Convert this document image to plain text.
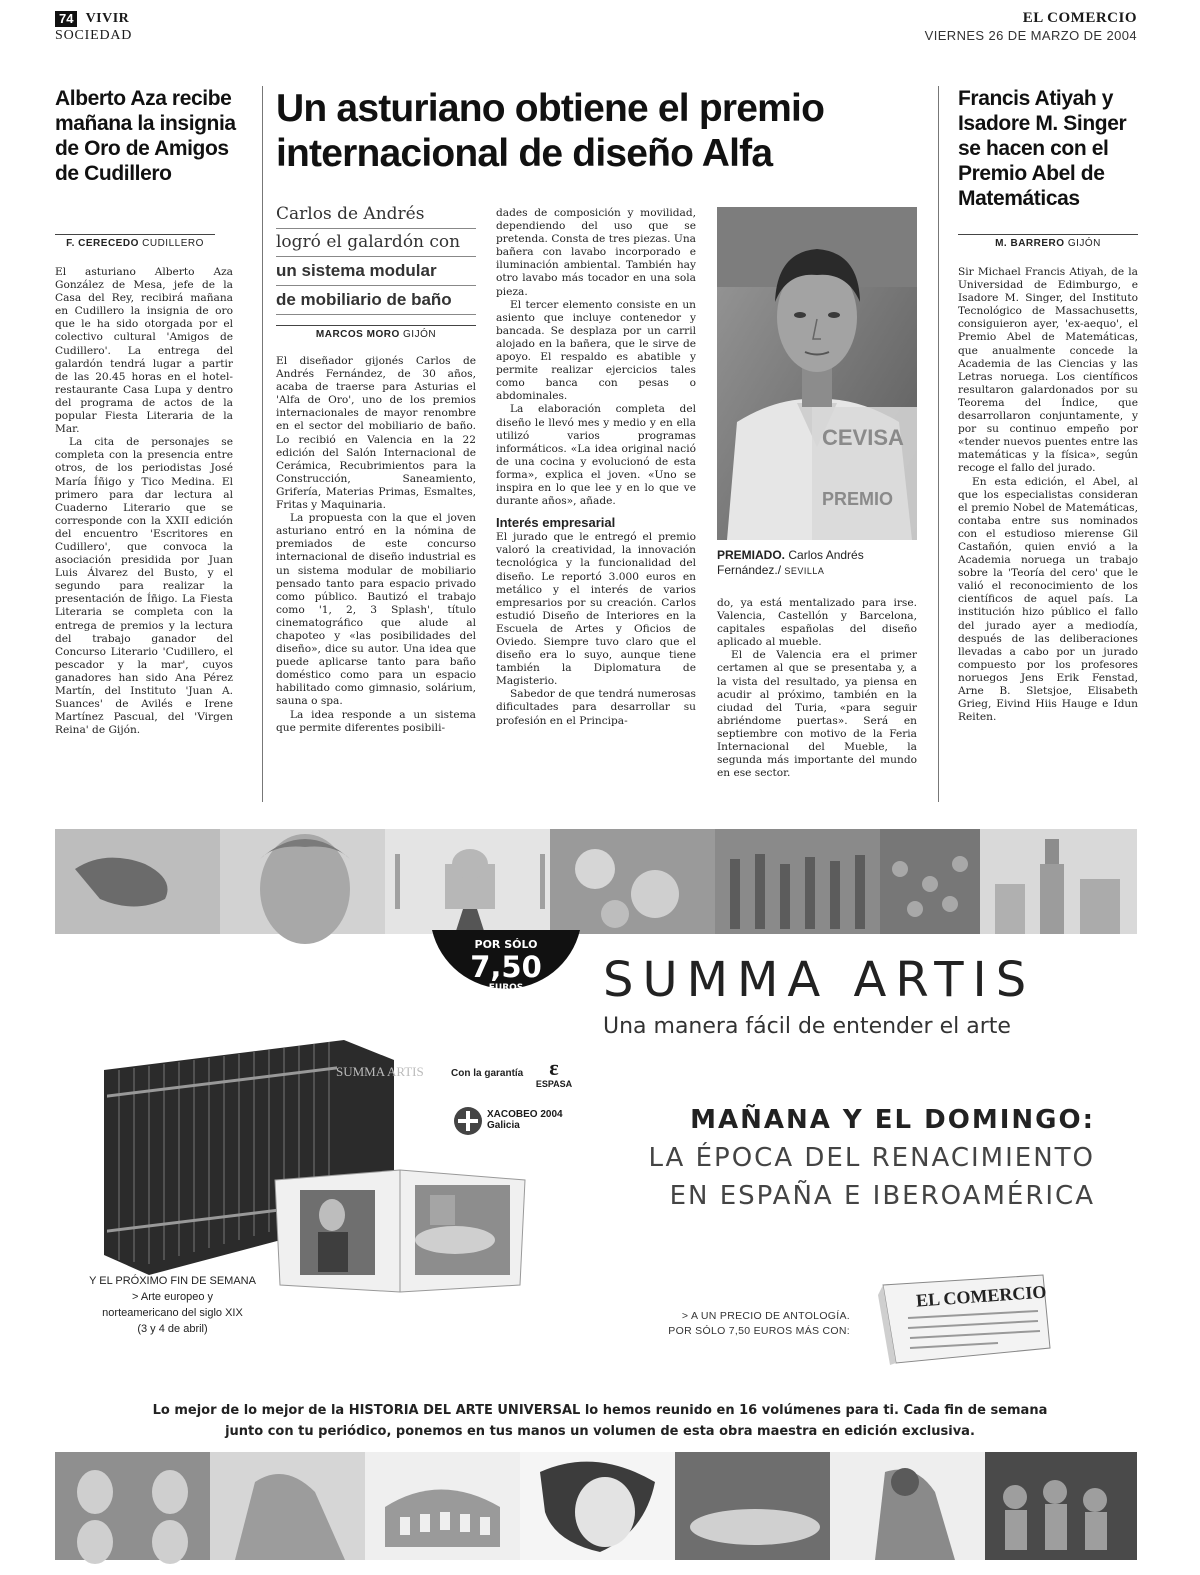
74 VIVIR
SOCIEDAD
EL COMERCIO
VIERNES 26 DE MARZO DE 2004
Alberto Aza recibe mañana la insignia de Oro de Amigos de Cudillero
F. CERECEDO CUDILLERO

El asturiano Alberto Aza González de Mesa, jefe de la Casa del Rey, recibirá mañana en Cudillero la insignia de oro que le ha sido otorgada por el colectivo cultural 'Amigos de Cudillero'. La entrega del galardón tendrá lugar a partir de las 20.45 horas en el hotel-restaurante Casa Lupa y dentro del programa de actos de la popular Fiesta Literaria de la Mar.

La cita de personajes se completa con la presencia entre otros, de los periodistas José María Íñigo y Tico Medina. El primero para dar lectura al Cuaderno Literario que se corresponde con la XXII edición del encuentro 'Escritores en Cudillero', que convoca la asociación presidida por Juan Luis Álvarez del Busto, y el segundo para realizar la presentación de Íñigo. La Fiesta Literaria se completa con la entrega de premios y la lectura del trabajo ganador del Concurso Literario 'Cudillero, el pescador y la mar', cuyos ganadores han sido Ana Pérez Martín, del Instituto 'Juan A. Suances' de Avilés e Irene Martínez Pascual, del 'Virgen Reina' de Gijón.

Un asturiano obtiene el premio internacional de diseño Alfa
Carlos de Andrés
logró el galardón con
un sistema modular
de mobiliario de baño
MARCOS MORO GIJÓN

El diseñador gijonés Carlos de Andrés Fernández, de 30 años, acaba de traerse para Asturias el 'Alfa de Oro', uno de los premios internacionales de mayor renombre en el sector del mobiliario de baño. Lo recibió en Valencia en la 22 edición del Salón Internacional de Cerámica, Recubrimientos para la Construcción, Saneamiento, Grifería, Materias Primas, Esmaltes, Fritas y Maquinaria.

La propuesta con la que el joven asturiano entró en la nómina de premiados de este concurso internacional de diseño industrial es un sistema modular de mobiliario pensado tanto para espacio privado como público. Bautizó el trabajo como '1, 2, 3 Splash', título cinematográfico que alude al chapoteo y «las posibilidades del diseño», dice su autor. Una idea que puede aplicarse tanto para baño doméstico como para un espacio habilitado como gimnasio, solárium, sauna o spa.

La idea responde a un sistema que permite diferentes posibili-

dades de composición y movilidad, dependiendo del uso que se pretenda. Consta de tres piezas. Una bañera con lavabo incorporado e iluminación ambiental. También hay otro lavabo más tocador en una sola pieza.

El tercer elemento consiste en un asiento que incluye contenedor y bancada. Se desplaza por un carril alojado en la bañera, que le sirve de apoyo. El respaldo es abatible y permite realizar ejercicios tales como banca con pesas o abdominales.

La elaboración completa del diseño le llevó mes y medio y en ella utilizó varios programas informáticos. «La idea original nació de una cocina y evolucionó de esta forma», explica el joven. «Uno se inspira en lo que lee y en lo que ve durante años», añade.

Interés empresarial

El jurado que le entregó el premio valoró la creatividad, la innovación tecnológica y la funcionalidad del diseño. Le reportó 3.000 euros en metálico y el interés de varios empresarios por su creación. Carlos estudió Diseño de Interiores en la Escuela de Artes y Oficios de Oviedo. Siempre tuvo claro que el diseño era lo suyo, aunque tiene también la Diplomatura de Magisterio.

Sabedor de que tendrá numerosas dificultades para desarrollar su profesión en el Principa-

CEVISA
PREMIO
PREMIADO. Carlos Andrés Fernández./ SEVILLA

do, ya está mentalizado para irse. Valencia, Castellón y Barcelona, capitales españolas del diseño aplicado al mueble.

El de Valencia era el primer certamen al que se presentaba y, a la vista del resultado, ya piensa en acudir al próximo, también en la ciudad del Turia, «para seguir abriéndome puertas». Será en septiembre con motivo de la Feria Internacional del Mueble, la segunda más importante del mundo en ese sector.

Francis Atiyah y Isadore M. Singer se hacen con el Premio Abel de Matemáticas
M. BARRERO GIJÓN

Sir Michael Francis Atiyah, de la Universidad de Edimburgo, e Isadore M. Singer, del Instituto Tecnológico de Massachusetts, consiguieron ayer, 'ex-aequo', el Premio Abel de Matemáticas, que anualmente concede la Academia de las Ciencias y las Letras noruega. Los científicos resultaron galardonados por su Teorema del Índice, que desarrollaron conjuntamente, y por su continuo empeño por «tender nuevos puentes entre las matemáticas y la física», según recoge el fallo del jurado.

En esta edición, el Abel, al que los especialistas consideran el premio Nobel de Matemáticas, contaba entre sus nominados con el estudioso mierense Gil Castañón, quien envió a la Academia noruega un trabajo sobre la 'Teoría del cero' que le valió el reconocimiento de los científicos de aquel país. La institución hizo público el fallo del jurado ayer a mediodía, después de las deliberaciones llevadas a cabo por un jurado compuesto por los profesores noruegos Jens Erik Fenstad, Arne B. Sletsjoe, Elisabeth Grieg, Eivind Hiis Hauge e Idun Reiten.

POR SÓLO
7,50
EUROS
MÁS CON EL COMERCIO SUMMA ARTIS
Una manera fácil de entender el arte
Con la garantía	ε
ESPASA
XACOBEO 2004
Galicia	MAÑANA Y EL DOMINGO:
LA ÉPOCA DEL RENACIMIENTO
EN ESPAÑA E IBEROAMÉRICA
SUMMA ARTIS
Y EL PRÓXIMO FIN DE SEMANA
> Arte europeo y
norteamericano del siglo XIX
(3 y 4 de abril)
> A UN PRECIO DE ANTOLOGÍA.
POR SÓLO 7,50 EUROS MÁS CON:
EL COMERCIO
Lo mejor de lo mejor de la HISTORIA DEL ARTE UNIVERSAL lo hemos reunido en 16 volúmenes para ti. Cada fin de semana
junto con tu periódico, ponemos en tus manos un volumen de esta obra maestra en edición exclusiva.
